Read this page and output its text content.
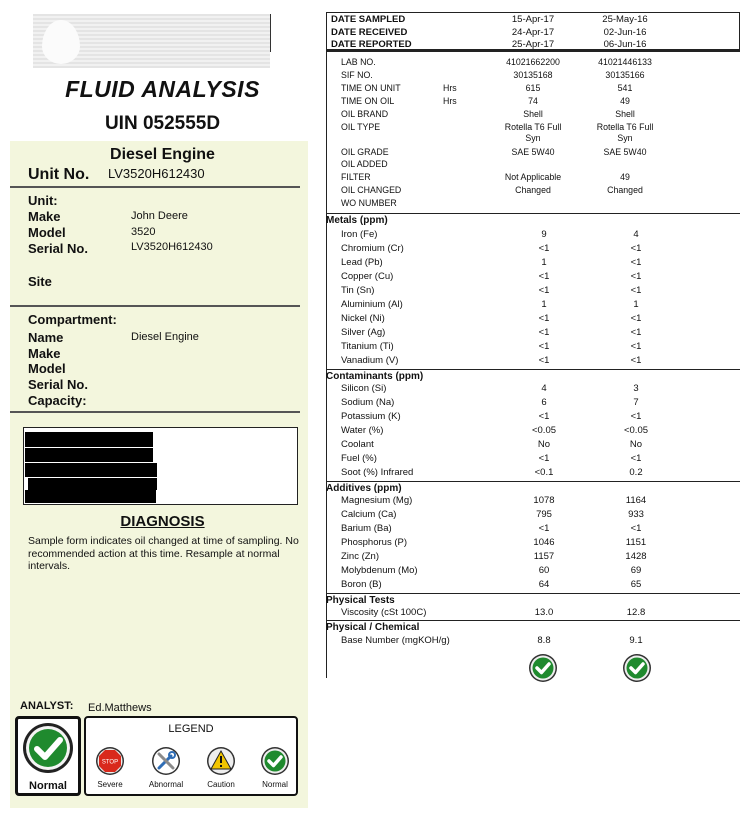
FLUID ANALYSIS
UIN 052555D
Diesel Engine
Unit No. LV3520H612430
Unit:
Make	John Deere
Model	3520
Serial No.	LV3520H612430
Site
Compartment:
Name	Diesel Engine
Make
Model
Serial No.
Capacity:
DIAGNOSIS
Sample form indicates oil changed at time of sampling. No recommended action at this time. Resample at normal intervals.
ANALYST: Ed.Matthews
Normal
LEGEND
STOP
Severe	Abnormal	Caution	Normal
DATE SAMPLED	15-Apr-17	25-May-16
DATE RECEIVED	24-Apr-17	02-Jun-16
DATE REPORTED	25-Apr-17	06-Jun-16
LAB NO.	41021662200	41021446133
SIF NO.	30135168	30135166
TIME ON UNIT	Hrs	615	541
TIME ON OIL	Hrs	74	49
OIL BRAND	Shell	Shell
OIL TYPE	Rotella T6 Full	Rotella T6 Full
Syn	Syn
OIL GRADE	SAE 5W40	SAE 5W40
OIL ADDED
FILTER	Not Applicable	49
OIL CHANGED	Changed	Changed
WO NUMBER
Metals (ppm)
Iron (Fe)	9	4
Chromium (Cr)	<1	<1
Lead (Pb)	1	<1
Copper (Cu)	<1	<1
Tin (Sn)	<1	<1
Aluminium (Al)	1	1
Nickel (Ni)	<1	<1
Silver (Ag)	<1	<1
Titanium (Ti)	<1	<1
Vanadium (V)	<1	<1
Contaminants (ppm)
Silicon (Si)	4	3
Sodium (Na)	6	7
Potassium (K)	<1	<1
Water (%)	<0.05	<0.05
Coolant	No	No
Fuel (%)	<1	<1
Soot (%) Infrared	<0.1	0.2
Additives (ppm)
Magnesium (Mg)	1078	1164
Calcium (Ca)	795	933
Barium (Ba)	<1	<1
Phosphorus (P)	1046	1151
Zinc (Zn)	1157	1428
Molybdenum (Mo)	60	69
Boron (B)	64	65
Physical Tests
Viscosity (cSt 100C)	13.0	12.8
Physical / Chemical
Base Number (mgKOH/g)	8.8	9.1
